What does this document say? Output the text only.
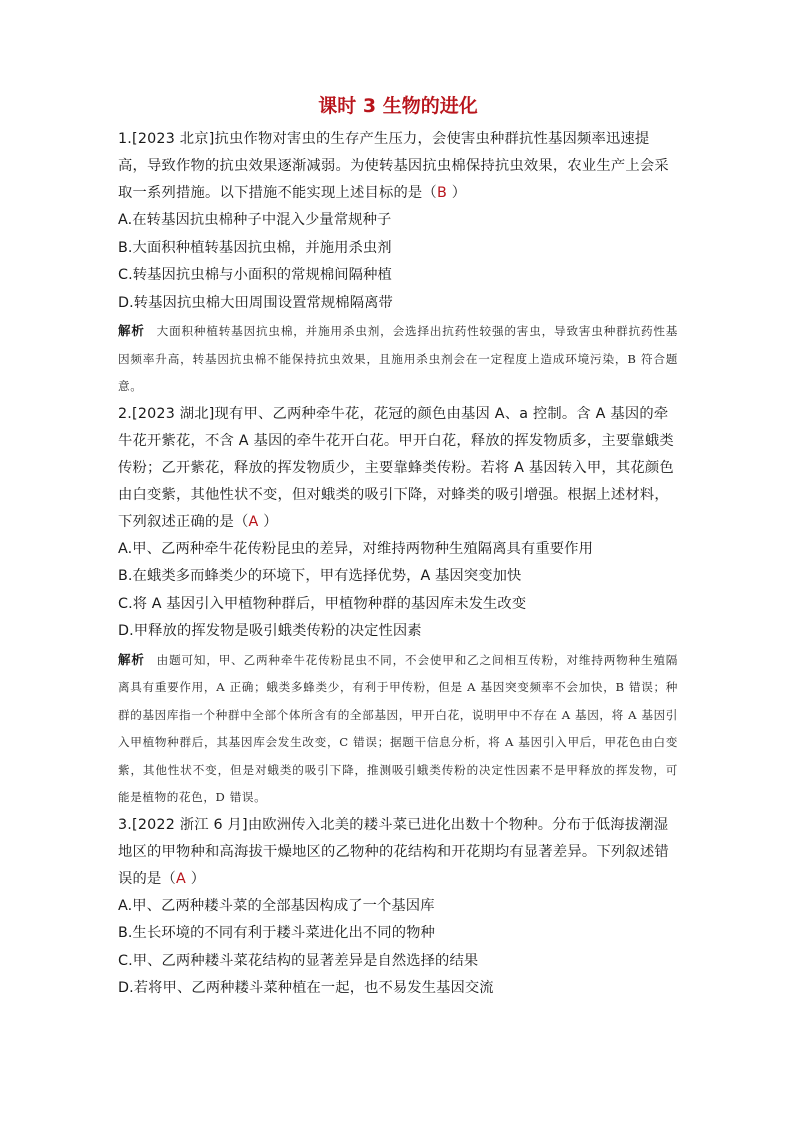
课时 3 生物的进化
1.[2023 北京]抗虫作物对害虫的生存产生压力，会使害虫种群抗性基因频率迅速提高，导致作物的抗虫效果逐渐减弱。为使转基因抗虫棉保持抗虫效果，农业生产上会采取一系列措施。以下措施不能实现上述目标的是（B ）
A.在转基因抗虫棉种子中混入少量常规种子
B.大面积种植转基因抗虫棉，并施用杀虫剂
C.转基因抗虫棉与小面积的常规棉间隔种植
D.转基因抗虫棉大田周围设置常规棉隔离带
解析 大面积种植转基因抗虫棉，并施用杀虫剂，会选择出抗药性较强的害虫，导致害虫种群抗药性基因频率升高，转基因抗虫棉不能保持抗虫效果，且施用杀虫剂会在一定程度上造成环境污染，B 符合题意。
2.[2023 湖北]现有甲、乙两种牵牛花，花冠的颜色由基因 A、a 控制。含 A 基因的牵牛花开紫花，不含 A 基因的牵牛花开白花。甲开白花，释放的挥发物质多，主要靠蛾类传粉；乙开紫花，释放的挥发物质少，主要靠蜂类传粉。若将 A 基因转入甲，其花颜色由白变紫，其他性状不变，但对蛾类的吸引下降，对蜂类的吸引增强。根据上述材料，下列叙述正确的是（A ）
A.甲、乙两种牵牛花传粉昆虫的差异，对维持两物种生殖隔离具有重要作用
B.在蛾类多而蜂类少的环境下，甲有选择优势，A 基因突变加快
C.将 A 基因引入甲植物种群后，甲植物种群的基因库未发生改变
D.甲释放的挥发物是吸引蛾类传粉的决定性因素
解析 由题可知，甲、乙两种牵牛花传粉昆虫不同，不会使甲和乙之间相互传粉，对维持两物种生殖隔离具有重要作用，A 正确；蛾类多蜂类少，有利于甲传粉，但是 A 基因突变频率不会加快，B 错误；种群的基因库指一个种群中全部个体所含有的全部基因，甲开白花，说明甲中不存在 A 基因，将 A 基因引入甲植物种群后，其基因库会发生改变，C 错误；据题干信息分析，将 A 基因引入甲后，甲花色由白变紫，其他性状不变，但是对蛾类的吸引下降，推测吸引蛾类传粉的决定性因素不是甲释放的挥发物，可能是植物的花色，D 错误。
3.[2022 浙江 6 月]由欧洲传入北美的耧斗菜已进化出数十个物种。分布于低海拔潮湿地区的甲物种和高海拔干燥地区的乙物种的花结构和开花期均有显著差异。下列叙述错误的是（A ）
A.甲、乙两种耧斗菜的全部基因构成了一个基因库
B.生长环境的不同有利于耧斗菜进化出不同的物种
C.甲、乙两种耧斗菜花结构的显著差异是自然选择的结果
D.若将甲、乙两种耧斗菜种植在一起，也不易发生基因交流
